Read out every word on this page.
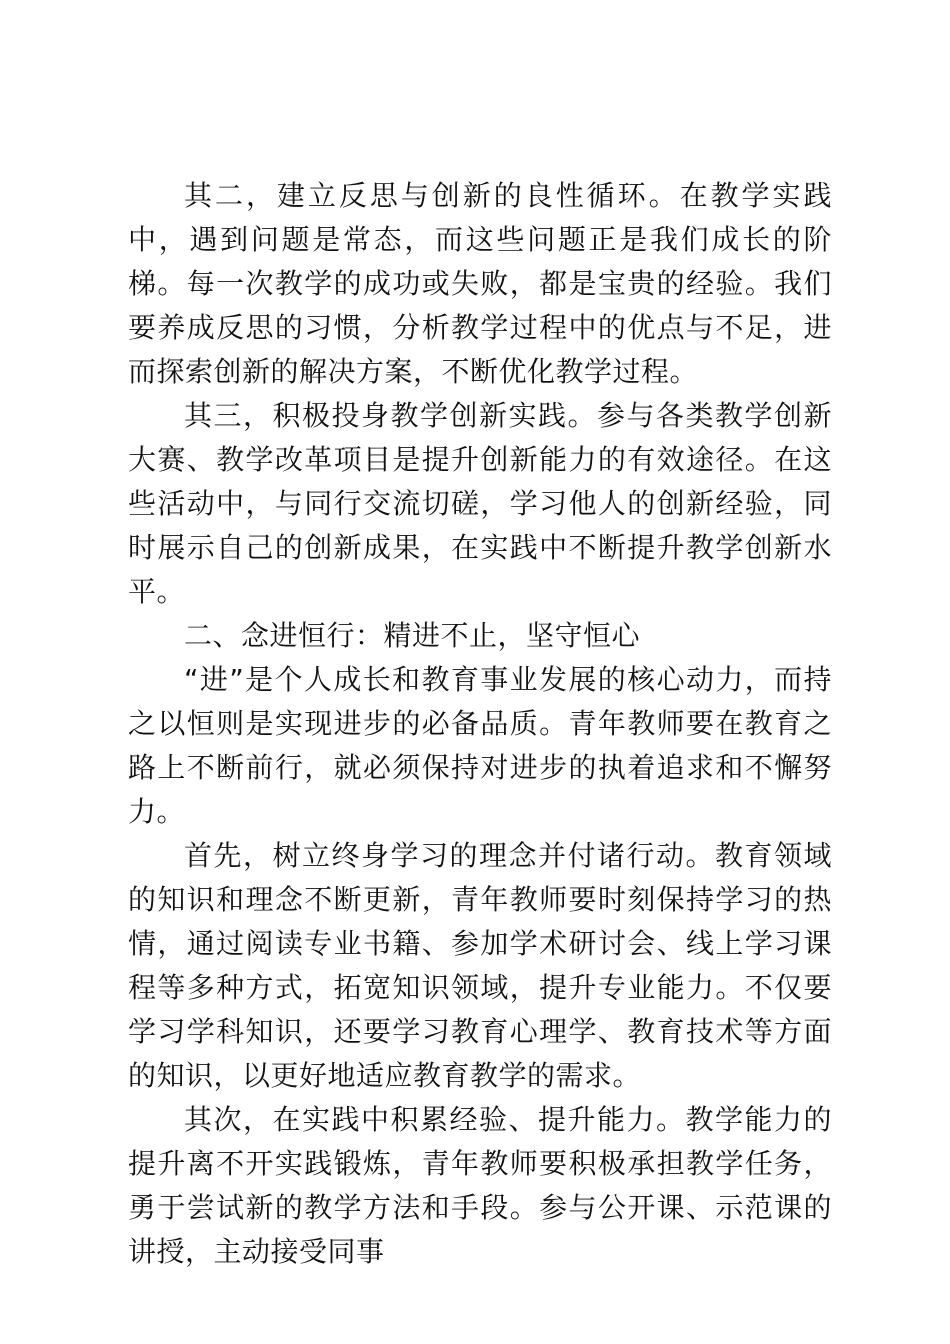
其二，建立反思与创新的良性循环。在教学实践中，遇到问题是常态，而这些问题正是我们成长的阶梯。每一次教学的成功或失败，都是宝贵的经验。我们要养成反思的习惯，分析教学过程中的优点与不足，进而探索创新的解决方案，不断优化教学过程。

其三，积极投身教学创新实践。参与各类教学创新大赛、教学改革项目是提升创新能力的有效途径。在这些活动中，与同行交流切磋，学习他人的创新经验，同时展示自己的创新成果，在实践中不断提升教学创新水平。

二、念进恒行：精进不止，坚守恒心

“进”是个人成长和教育事业发展的核心动力，而持之以恒则是实现进步的必备品质。青年教师要在教育之路上不断前行，就必须保持对进步的执着追求和不懈努力。

首先，树立终身学习的理念并付诸行动。教育领域的知识和理念不断更新，青年教师要时刻保持学习的热情，通过阅读专业书籍、参加学术研讨会、线上学习课程等多种方式，拓宽知识领域，提升专业能力。不仅要学习学科知识，还要学习教育心理学、教育技术等方面的知识，以更好地适应教育教学的需求。

其次，在实践中积累经验、提升能力。教学能力的提升离不开实践锻炼，青年教师要积极承担教学任务，勇于尝试新的教学方法和手段。参与公开课、示范课的讲授，主动接受同事
